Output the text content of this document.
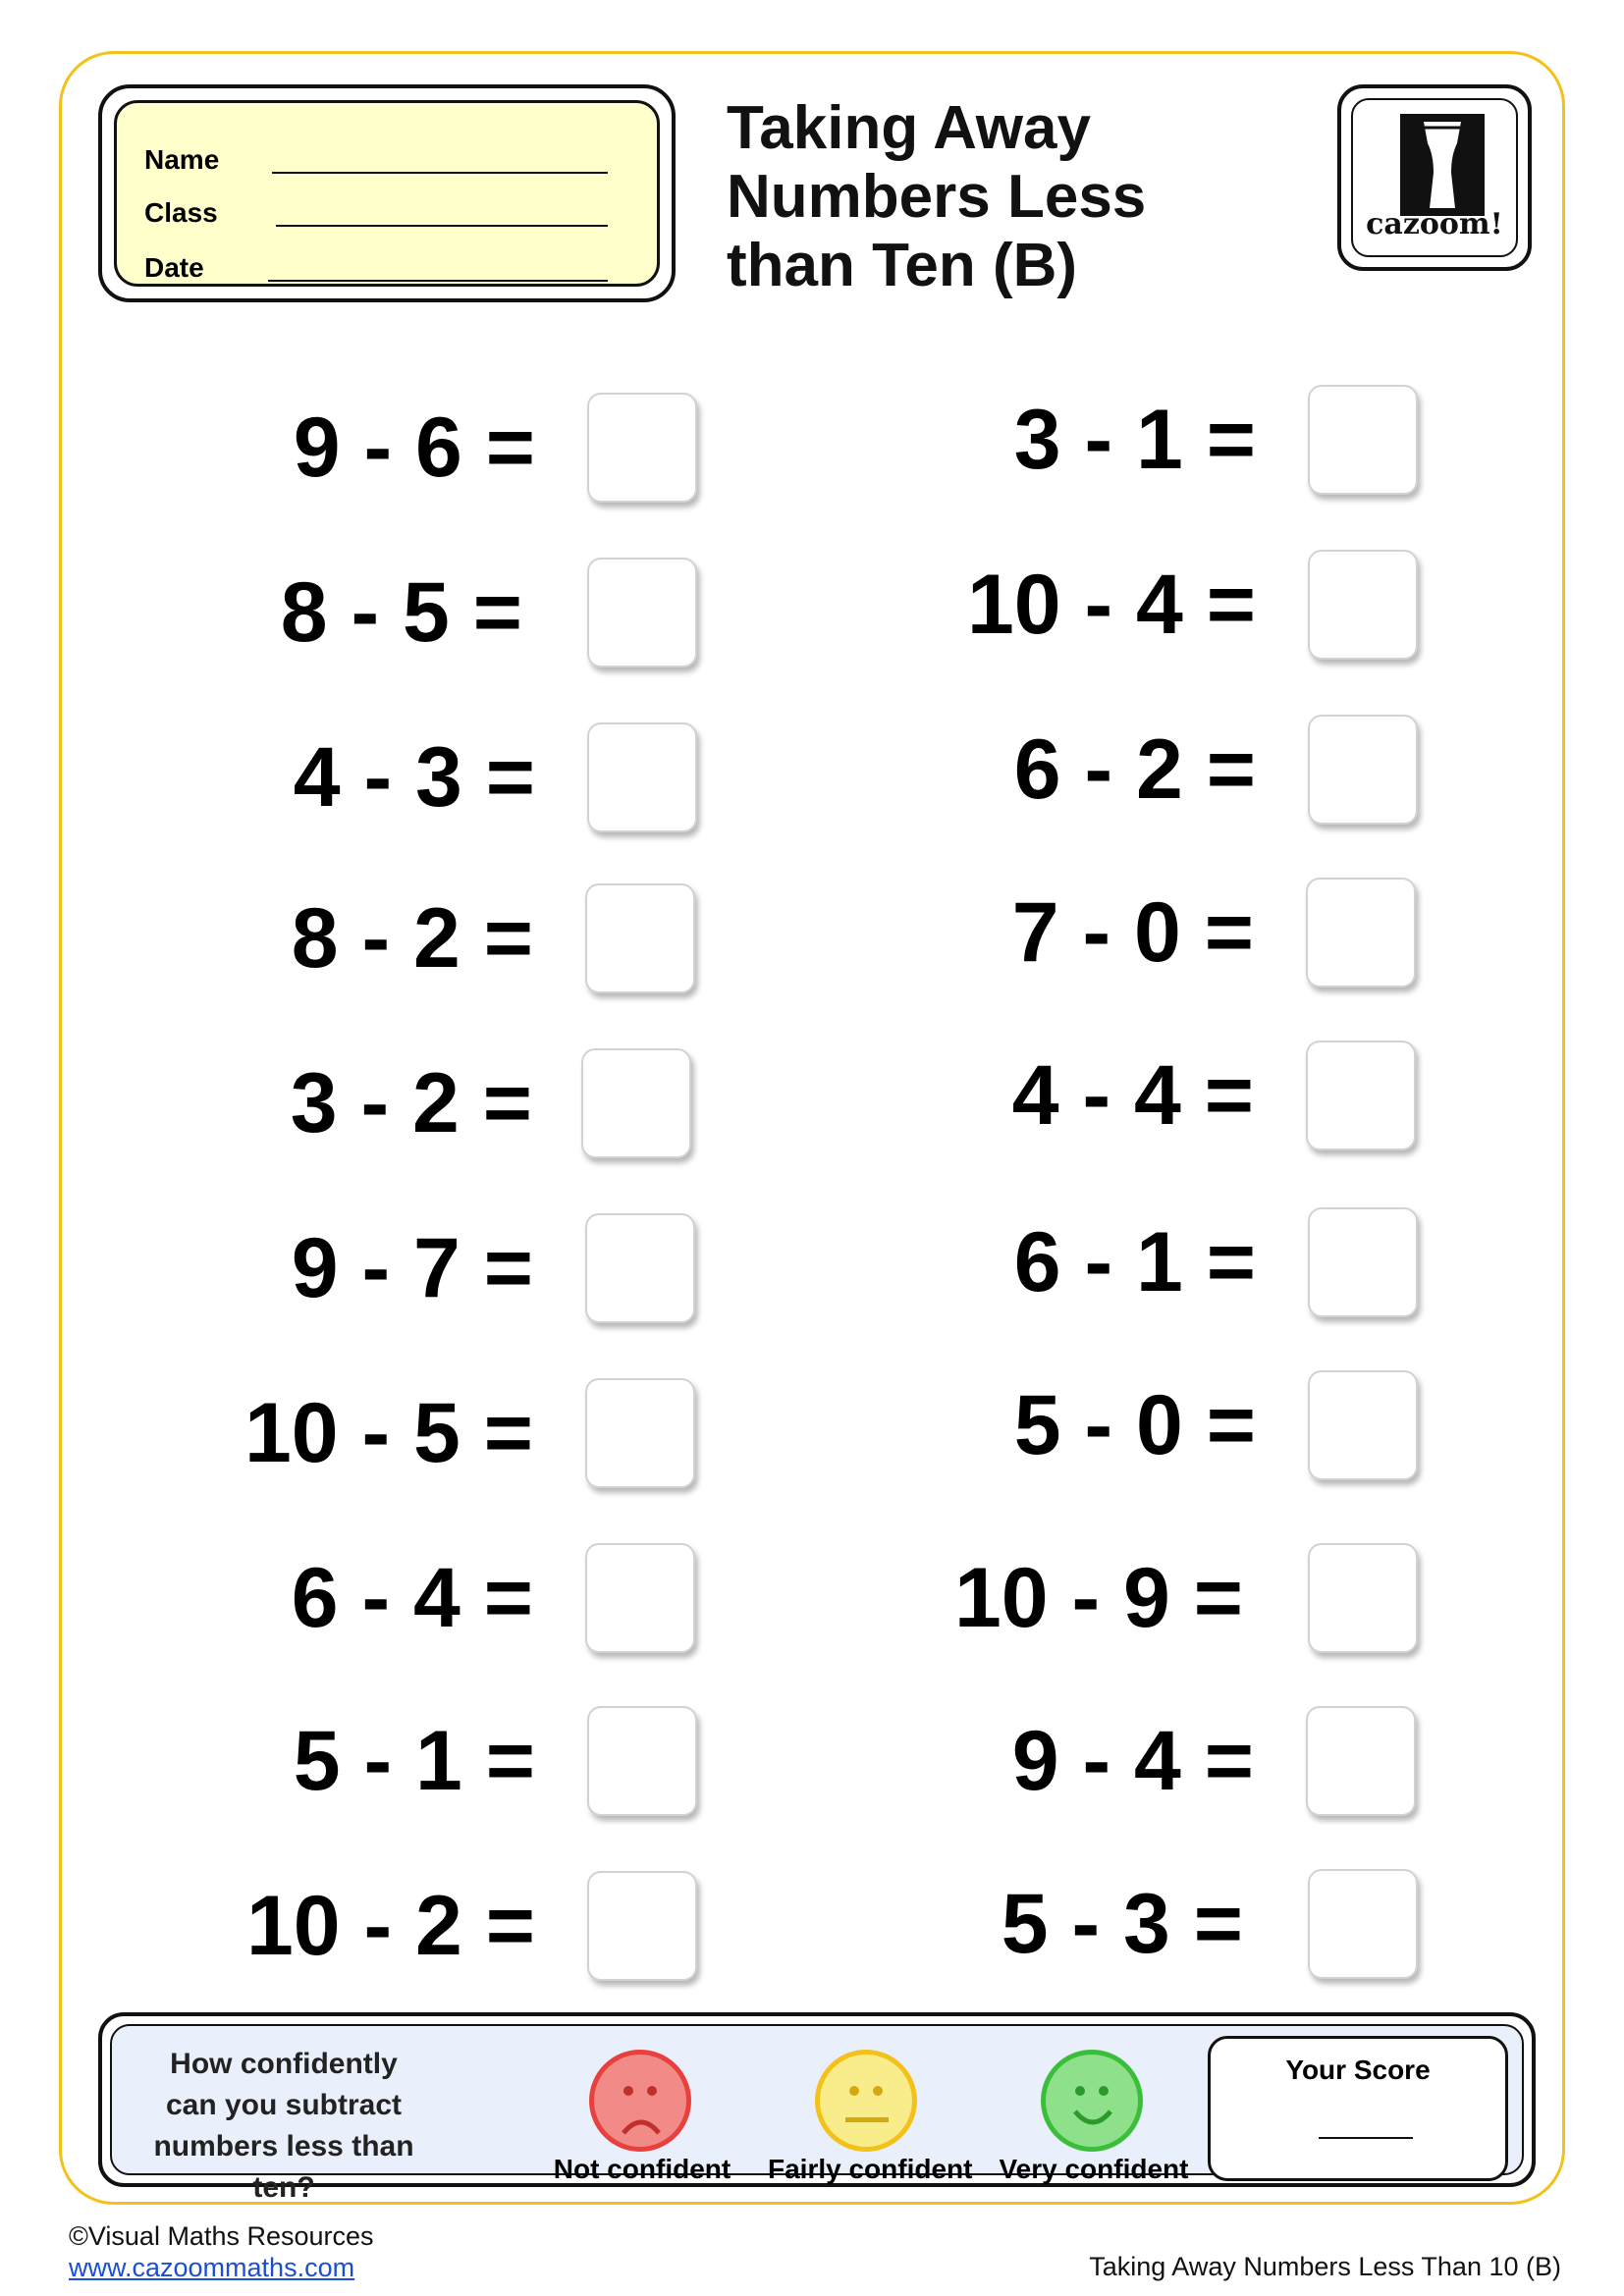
Name
Class
Date
Taking Away
Numbers Less
than Ten (B)
cazoom!
9 - 6 =
8 - 5 =
4 - 3 =
8 - 2 =
3 - 2 =
9 - 7 =
10 - 5 =
6 - 4 =
5 - 1 =
10 - 2 =
3 - 1 =
10 - 4 =
6 - 2 =
7 - 0 =
4 - 4 =
6 - 1 =
5 - 0 =
10 - 9 =
9 - 4 =
5 - 3 =
How confidently can you subtract numbers less than ten?
Not confident Fairly confident Very confident
Your Score
©Visual Maths Resources
www.cazoommaths.com	Taking Away Numbers Less Than 10 (B)
